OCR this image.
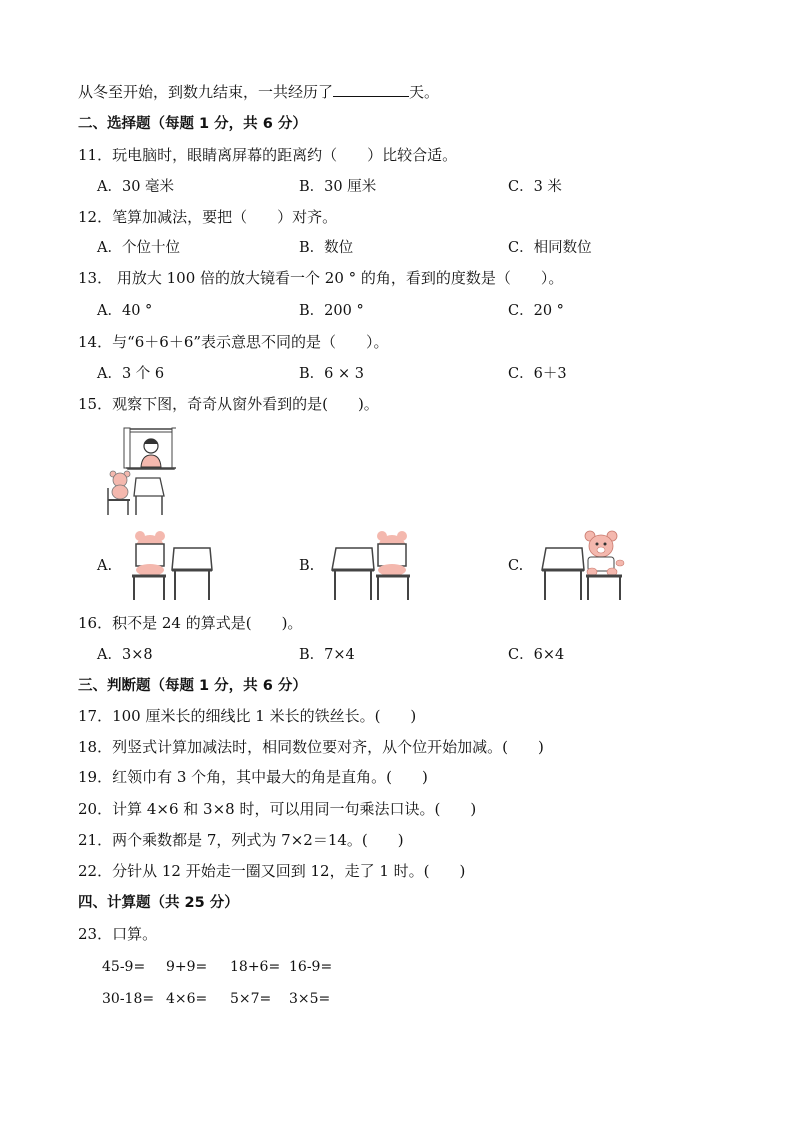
从冬至开始，到数九结束，一共经历了	天。
二、选择题（每题 1 分，共 6 分）
11．玩电脑时，眼睛离屏幕的距离约（　　）比较合适。
A．30 毫米	B．30 厘米	C．3 米
12．笔算加减法，要把（　　）对齐。
A．个位十位	B．数位	C．相同数位
13． 用放大 100 倍的放大镜看一个 20 ° 的角，看到的度数是（　　）。
A．40 °	B．200 °	C．20 °
14．与“6＋6＋6”表示意思不同的是（　　）。
A．3 个 6	B．6 × 3	C．6＋3
15．观察下图，奇奇从窗外看到的是(　　)。
A.	B.	C.
16．积不是 24 的算式是(　　)。
A．3×8	B．7×4	C．6×4
三、判断题（每题 1 分，共 6 分）
17．100 厘米长的细线比 1 米长的铁丝长。(　　)
18．列竖式计算加减法时，相同数位要对齐，从个位开始加减。(　　)
19．红领巾有 3 个角，其中最大的角是直角。(　　)
20．计算 4×6 和 3×8 时，可以用同一句乘法口诀。(　　)
21．两个乘数都是 7，列式为 7×2＝14。(　　)
22．分针从 12 开始走一圈又回到 12，走了 1 时。(　　)
四、计算题（共 25 分）
23．口算。
45-9= 9+9= 18+6= 16-9=
30-18= 4×6= 5×7= 3×5=
